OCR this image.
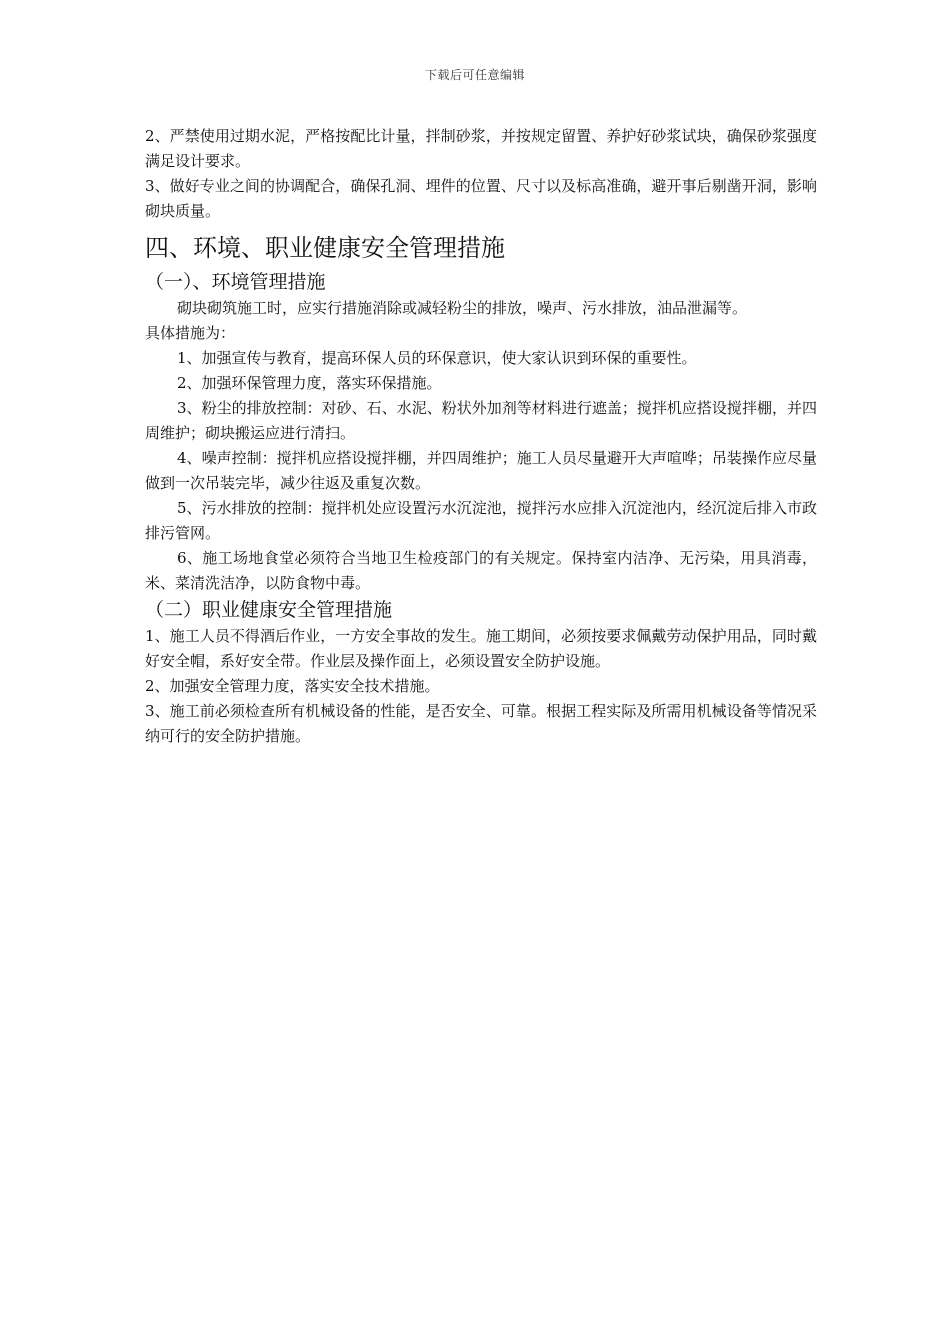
下载后可任意编辑

2、严禁使用过期水泥，严格按配比计量，拌制砂浆，并按规定留置、养护好砂浆试块，确保砂浆强度满足设计要求。

3、做好专业之间的协调配合，确保孔洞、埋件的位置、尺寸以及标高准确，避开事后剔凿开洞，影响砌块质量。

四、环境、职业健康安全管理措施
（一）、环境管理措施

砌块砌筑施工时，应实行措施消除或减轻粉尘的排放，噪声、污水排放，油品泄漏等。
具体措施为：

1、加强宣传与教育，提高环保人员的环保意识，使大家认识到环保的重要性。

2、加强环保管理力度，落实环保措施。

3、粉尘的排放控制：对砂、石、水泥、粉状外加剂等材料进行遮盖；搅拌机应搭设搅拌棚，并四周维护；砌块搬运应进行清扫。

4、噪声控制：搅拌机应搭设搅拌棚，并四周维护；施工人员尽量避开大声喧哗；吊装操作应尽量做到一次吊装完毕，减少往返及重复次数。

5、污水排放的控制：搅拌机处应设置污水沉淀池，搅拌污水应排入沉淀池内，经沉淀后排入市政排污管网。

6、施工场地食堂必须符合当地卫生检疫部门的有关规定。保持室内洁净、无污染，用具消毒，米、菜清洗洁净，以防食物中毒。

（二）职业健康安全管理措施

1、施工人员不得酒后作业，一方安全事故的发生。施工期间，必须按要求佩戴劳动保护用品，同时戴好安全帽，系好安全带。作业层及操作面上，必须设置安全防护设施。

2、加强安全管理力度，落实安全技术措施。

3、施工前必须检查所有机械设备的性能，是否安全、可靠。根据工程实际及所需用机械设备等情况采纳可行的安全防护措施。
